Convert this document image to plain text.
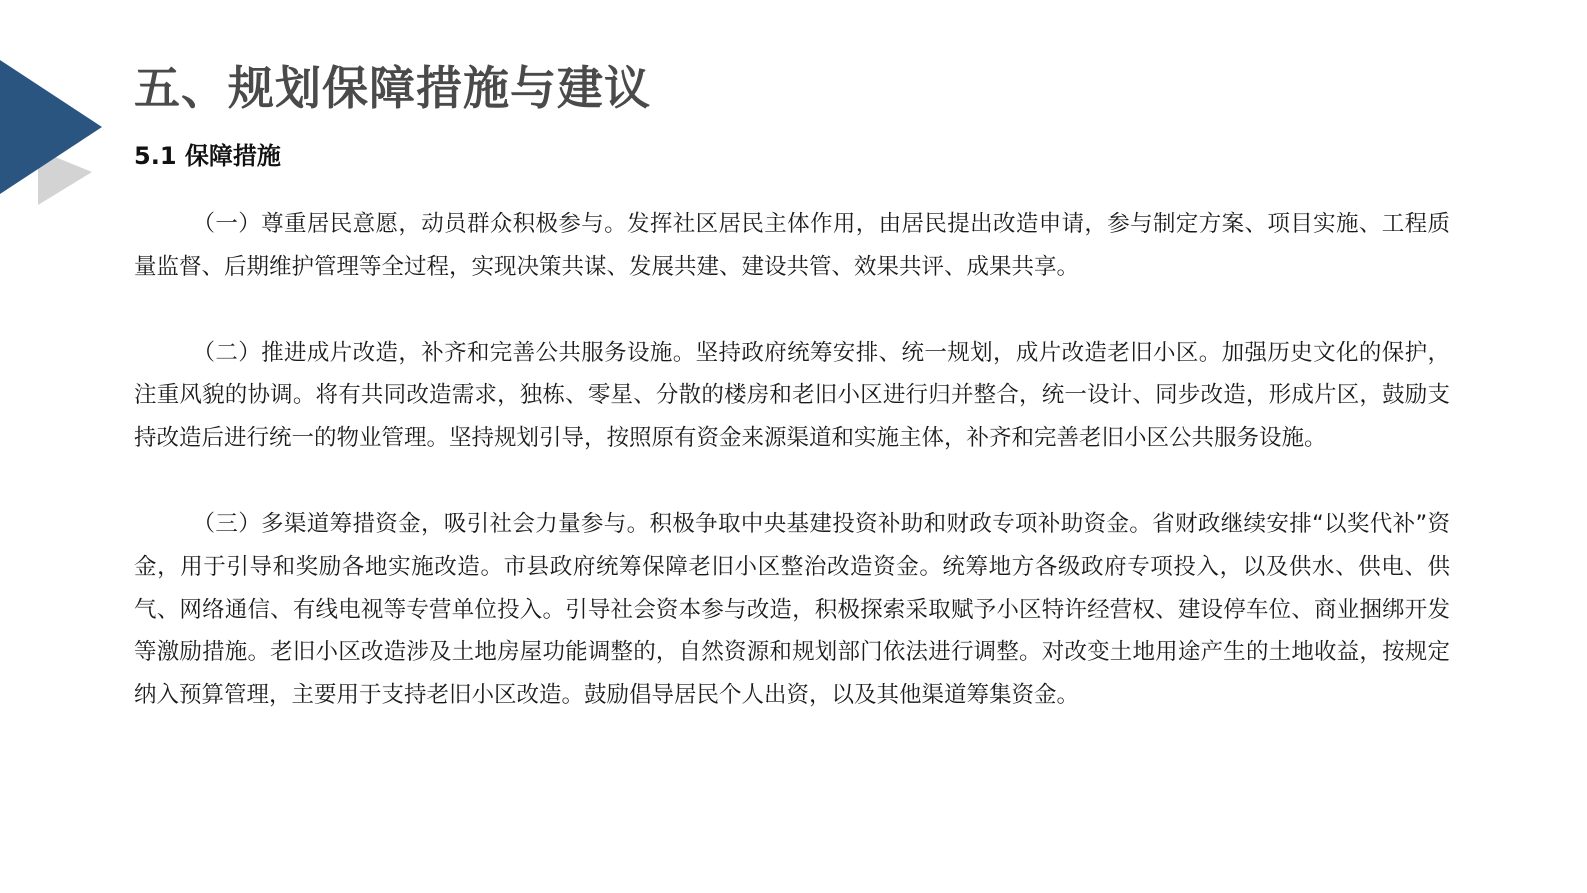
五、规划保障措施与建议
5.1 保障措施

（一）尊重居民意愿，动员群众积极参与。发挥社区居民主体作用，由居民提出改造申请，参与制定方案、项目实施、工程质量监督、后期维护管理等全过程，实现决策共谋、发展共建、建设共管、效果共评、成果共享。

（二）推进成片改造，补齐和完善公共服务设施。坚持政府统筹安排、统一规划，成片改造老旧小区。加强历史文化的保护，注重风貌的协调。将有共同改造需求，独栋、零星、分散的楼房和老旧小区进行归并整合，统一设计、同步改造，形成片区，鼓励支持改造后进行统一的物业管理。坚持规划引导，按照原有资金来源渠道和实施主体，补齐和完善老旧小区公共服务设施。

（三）多渠道筹措资金，吸引社会力量参与。积极争取中央基建投资补助和财政专项补助资金。省财政继续安排“以奖代补”资金，用于引导和奖励各地实施改造。市县政府统筹保障老旧小区整治改造资金。统筹地方各级政府专项投入，以及供水、供电、供气、网络通信、有线电视等专营单位投入。引导社会资本参与改造，积极探索采取赋予小区特许经营权、建设停车位、商业捆绑开发等激励措施。老旧小区改造涉及土地房屋功能调整的，自然资源和规划部门依法进行调整。对改变土地用途产生的土地收益，按规定纳入预算管理，主要用于支持老旧小区改造。鼓励倡导居民个人出资，以及其他渠道筹集资金。
